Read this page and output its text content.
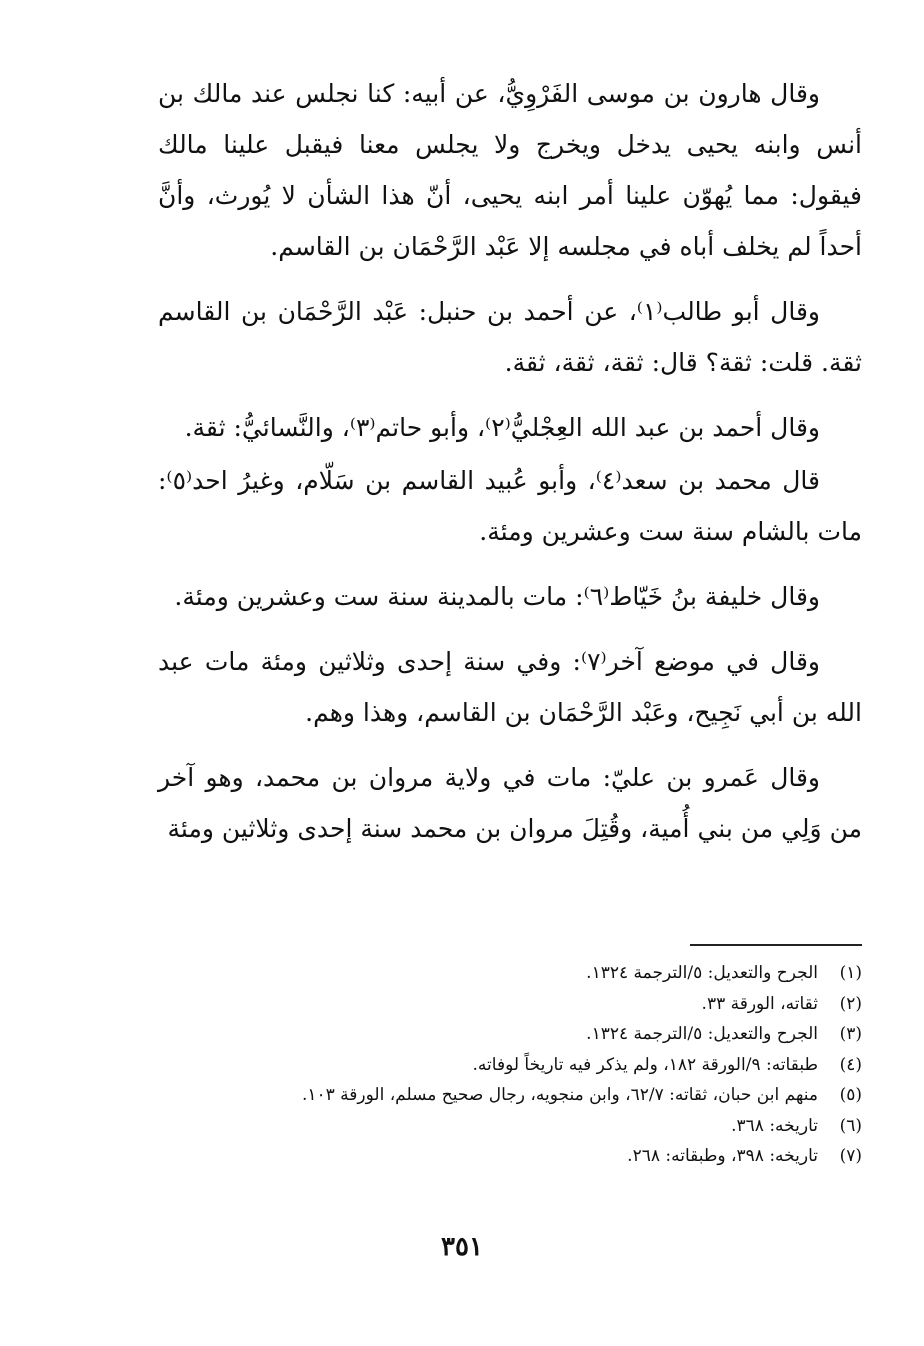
وقال هارون بن موسى الفَرْوِيُّ، عن أبيه: كنا نجلس عند مالك بن أنس وابنه يحيى يدخل ويخرج ولا يجلس معنا فيقبل علينا مالك فيقول: مما يُهوّن علينا أمر ابنه يحيى، أنّ هذا الشأن لا يُورث، وأنَّ أحداً لم يخلف أباه في مجلسه إلا عَبْد الرَّحْمَان بن القاسم.

وقال أبو طالب⁽١⁾، عن أحمد بن حنبل: عَبْد الرَّحْمَان بن القاسم ثقة. قلت: ثقة؟ قال: ثقة، ثقة، ثقة.

وقال أحمد بن عبد الله العِجْليُّ⁽٢⁾، وأبو حاتم⁽٣⁾، والنَّسائيُّ: ثقة.

قال محمد بن سعد⁽٤⁾، وأبو عُبيد القاسم بن سَلّام، وغيرُ احد⁽٥⁾: مات بالشام سنة ست وعشرين ومئة.

وقال خليفة بنُ خَيّاط⁽٦⁾: مات بالمدينة سنة ست وعشرين ومئة.

وقال في موضع آخر⁽٧⁾: وفي سنة إحدى وثلاثين ومئة مات عبد الله بن أبي نَجِيح، وعَبْد الرَّحْمَان بن القاسم، وهذا وهم.

وقال عَمرو بن عليّ: مات في ولاية مروان بن محمد، وهو آخر من وَلِي من بني أُمية، وقُتِلَ مروان بن محمد سنة إحدى وثلاثين ومئة

(١)الجرح والتعديل: ٥/الترجمة ١٣٢٤.
(٢)ثقاته، الورقة ٣٣.
(٣)الجرح والتعديل: ٥/الترجمة ١٣٢٤.
(٤)طبقاته: ٩/الورقة ١٨٢، ولم يذكر فيه تاريخاً لوفاته.
(٥)منهم ابن حبان، ثقاته: ٦٢/٧، وابن منجويه، رجال صحيح مسلم، الورقة ١٠٣.
(٦)تاريخه: ٣٦٨.
(٧)تاريخه: ٣٩٨، وطبقاته: ٢٦٨.
٣٥١
